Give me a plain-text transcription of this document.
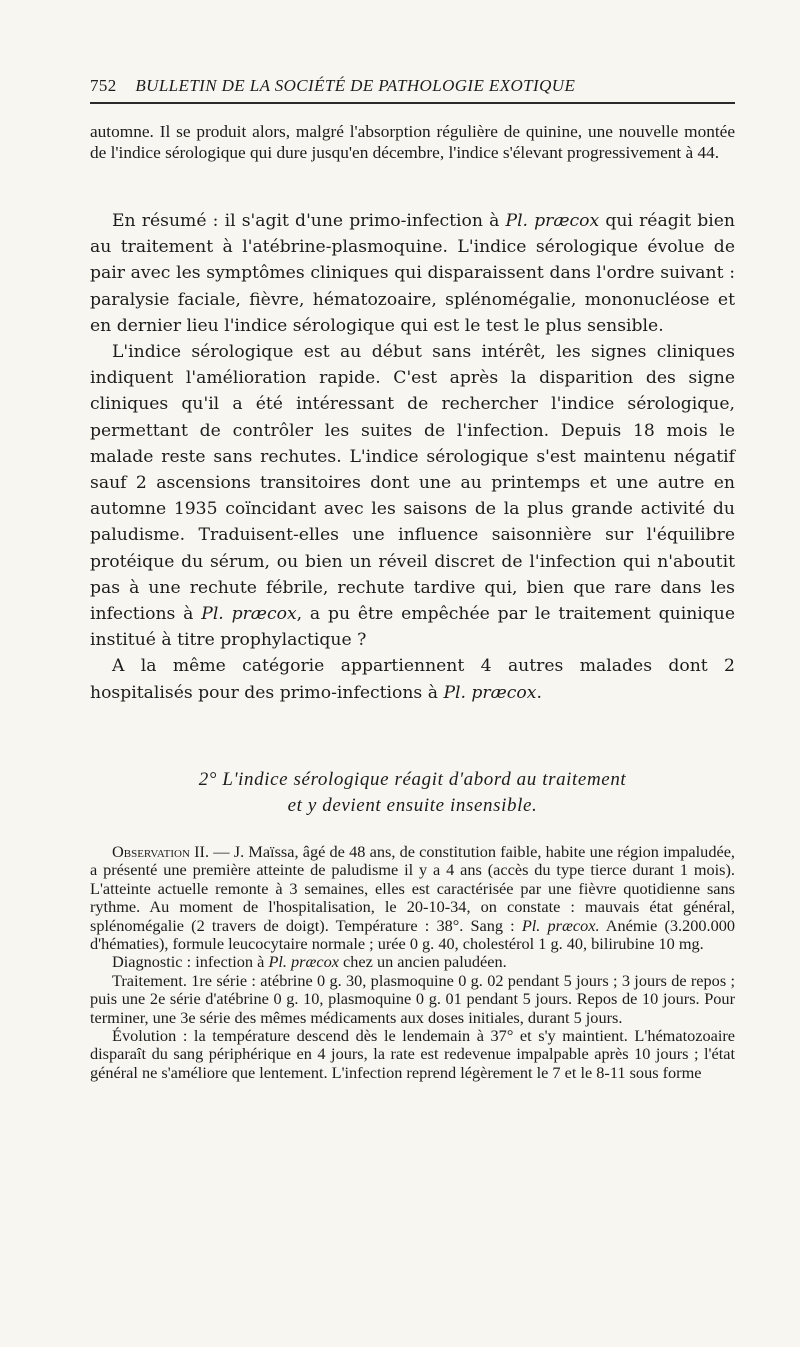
752 BULLETIN DE LA SOCIÉTÉ DE PATHOLOGIE EXOTIQUE

automne. Il se produit alors, malgré l'absorption régulière de quinine, une nouvelle montée de l'indice sérologique qui dure jusqu'en décembre, l'indice s'élevant progressivement à 44.

En résumé : il s'agit d'une primo-infection à Pl. præcox qui réagit bien au traitement à l'atébrine-plasmoquine. L'indice sérologique évolue de pair avec les symptômes cliniques qui disparaissent dans l'ordre suivant : paralysie faciale, fièvre, hématozoaire, splénomégalie, mononucléose et en dernier lieu l'indice sérologique qui est le test le plus sensible.

L'indice sérologique est au début sans intérêt, les signes cliniques indiquent l'amélioration rapide. C'est après la disparition des signe cliniques qu'il a été intéressant de rechercher l'indice sérologique, permettant de contrôler les suites de l'infection. Depuis 18 mois le malade reste sans rechutes. L'indice sérologique s'est maintenu négatif sauf 2 ascensions transitoires dont une au printemps et une autre en automne 1935 coïncidant avec les saisons de la plus grande activité du paludisme. Traduisent-elles une influence saisonnière sur l'équilibre protéique du sérum, ou bien un réveil discret de l'infection qui n'aboutit pas à une rechute fébrile, rechute tardive qui, bien que rare dans les infections à Pl. præcox, a pu être empêchée par le traitement quinique institué à titre prophylactique ?

A la même catégorie appartiennent 4 autres malades dont 2 hospitalisés pour des primo-infections à Pl. præcox.

2° L'indice sérologique réagit d'abord au traitement
et y devient ensuite insensible.

Observation II. — J. Maïssa, âgé de 48 ans, de constitution faible, habite une région impaludée, a présenté une première atteinte de paludisme il y a 4 ans (accès du type tierce durant 1 mois). L'atteinte actuelle remonte à 3 semaines, elles est caractérisée par une fièvre quotidienne sans rythme. Au moment de l'hospitalisation, le 20-10-34, on constate : mauvais état général, splénomégalie (2 travers de doigt). Température : 38°. Sang : Pl. præcox. Anémie (3.200.000 d'hématies), formule leucocytaire normale ; urée 0 g. 40, cholestérol 1 g. 40, bilirubine 10 mg.

Diagnostic : infection à Pl. præcox chez un ancien paludéen.

Traitement. 1re série : atébrine 0 g. 30, plasmoquine 0 g. 02 pendant 5 jours ; 3 jours de repos ; puis une 2e série d'atébrine 0 g. 10, plasmoquine 0 g. 01 pendant 5 jours. Repos de 10 jours. Pour terminer, une 3e série des mêmes médicaments aux doses initiales, durant 5 jours.

Évolution : la température descend dès le lendemain à 37° et s'y maintient. L'hématozoaire disparaît du sang périphérique en 4 jours, la rate est redevenue impalpable après 10 jours ; l'état général ne s'améliore que lentement. L'infection reprend légèrement le 7 et le 8-11 sous forme
